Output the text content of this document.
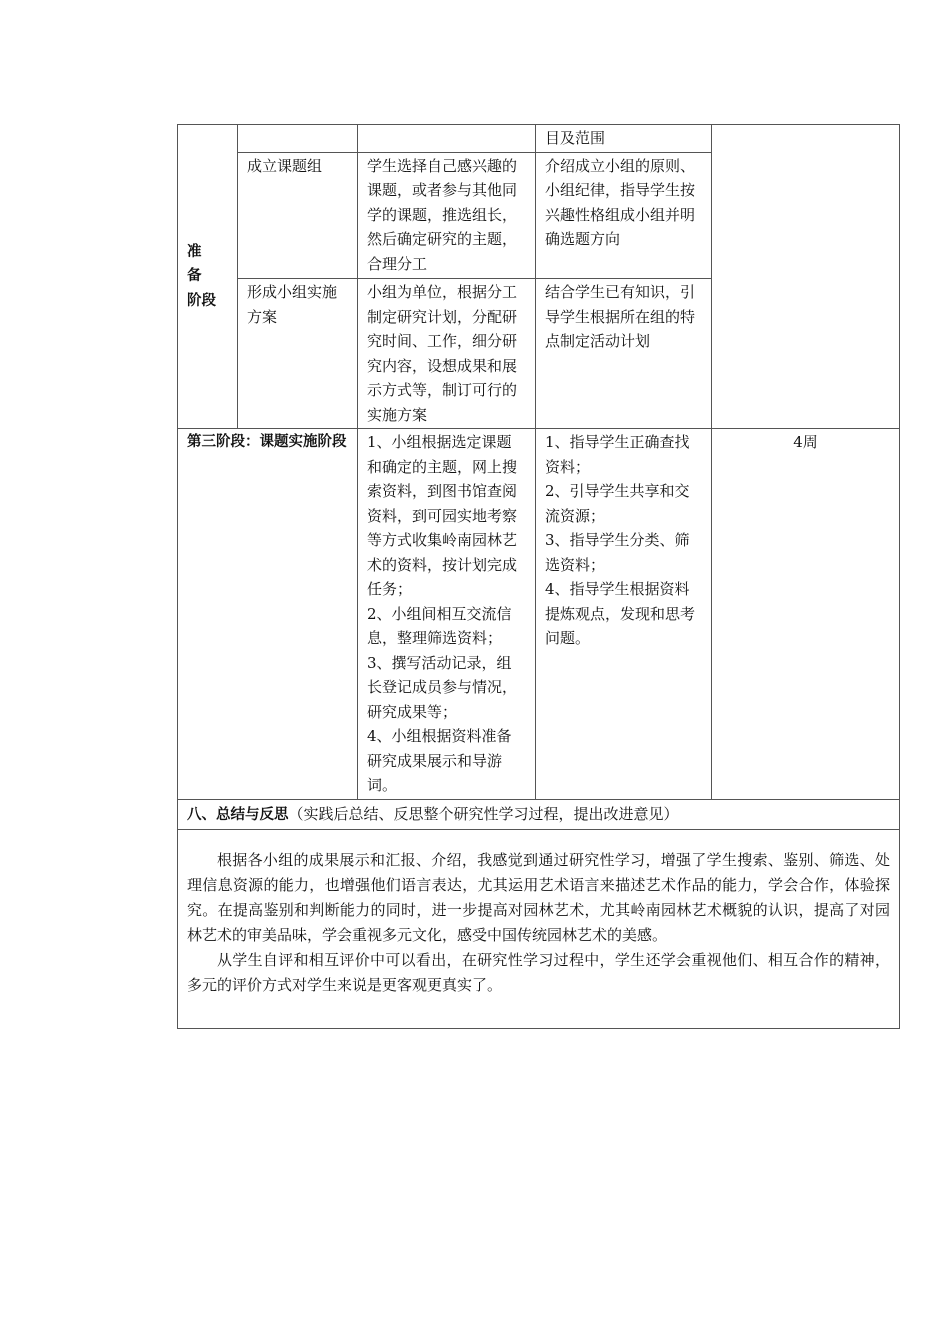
准 备
阶段			目及范围	
	成立课题组	学生选择自己感兴趣的课题，或者参与其他同学的课题，推选组长，然后确定研究的主题，合理分工	介绍成立小组的原则、小组纪律，指导学生按兴趣性格组成小组并明确选题方向	
	形成小组实施方案	小组为单位，根据分工制定研究计划，分配研究时间、工作，细分研究内容，设想成果和展示方式等，制订可行的实施方案	结合学生已有知识，引导学生根据所在组的特点制定活动计划	
第三阶段：课题实施阶段		1、小组根据选定课题和确定的主题，网上搜索资料，到图书馆查阅资料，到可园实地考察等方式收集岭南园林艺术的资料，按计划完成任务；
2、小组间相互交流信息，整理筛选资料；
3、撰写活动记录，组长登记成员参与情况，研究成果等；
4、小组根据资料准备研究成果展示和导游词。	1、指导学生正确查找资料；
2、引导学生共享和交流资源；
3、指导学生分类、筛选资料；
4、指导学生根据资料提炼观点，发现和思考问题。	4周
八、总结与反思（实践后总结、反思整个研究性学习过程，提出改进意见）				

根据各小组的成果展示和汇报、介绍，我感觉到通过研究性学习，增强了学生搜索、鉴别、筛选、处理信息资源的能力，也增强他们语言表达，尤其运用艺术语言来描述艺术作品的能力，学会合作，体验探究。在提高鉴别和判断能力的同时，进一步提高对园林艺术，尤其岭南园林艺术概貌的认识，提高了对园林艺术的审美品味，学会重视多元文化，感受中国传统园林艺术的美感。

从学生自评和相互评价中可以看出，在研究性学习过程中，学生还学会重视他们、相互合作的精神，多元的评价方式对学生来说是更客观更真实了。				
